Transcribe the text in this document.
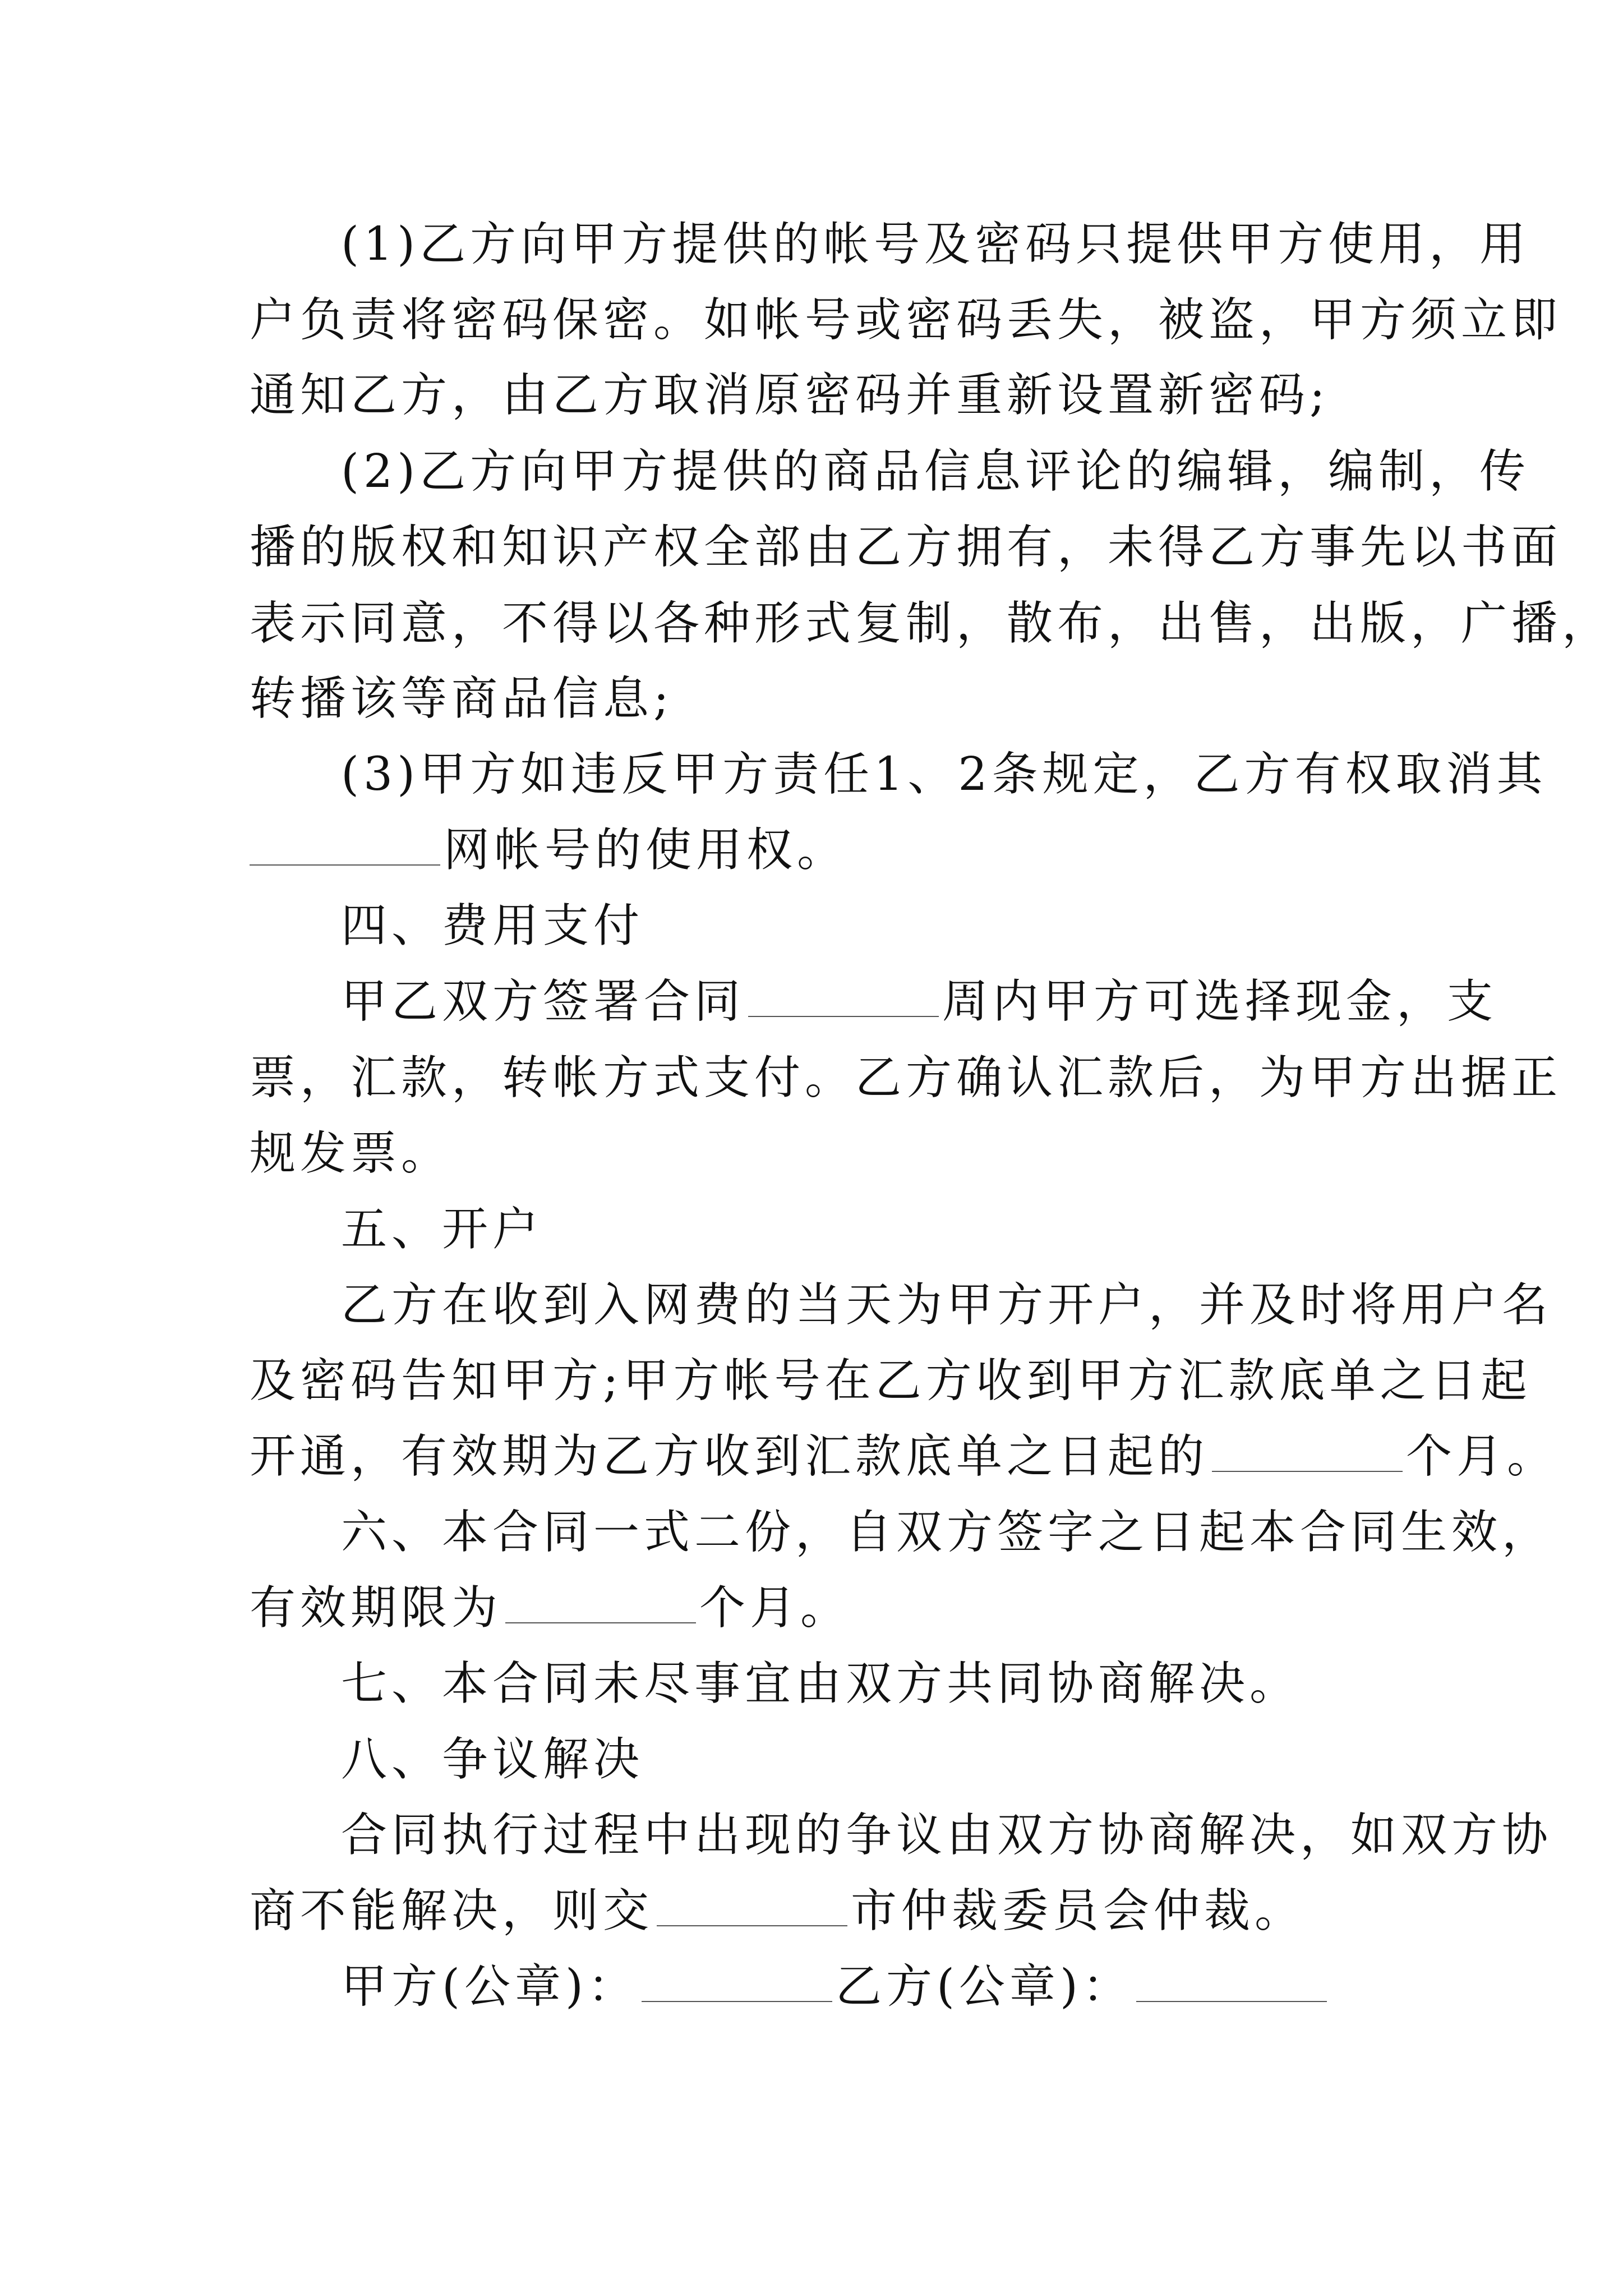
(1)乙方向甲方提供的帐号及密码只提供甲方使用，用
户负责将密码保密。如帐号或密码丢失，被盗，甲方须立即
通知乙方，由乙方取消原密码并重新设置新密码;
(2)乙方向甲方提供的商品信息评论的编辑，编制，传
播的版权和知识产权全部由乙方拥有，未得乙方事先以书面
表示同意，不得以各种形式复制，散布，出售，出版，广播，
转播该等商品信息;
(3)甲方如违反甲方责任1、2条规定，乙方有权取消其
网帐号的使用权。
四、费用支付
甲乙双方签署合同	周内甲方可选择现金，支
票，汇款，转帐方式支付。乙方确认汇款后，为甲方出据正
规发票。
五、开户
乙方在收到入网费的当天为甲方开户，并及时将用户名
及密码告知甲方;甲方帐号在乙方收到甲方汇款底单之日起
开通，有效期为乙方收到汇款底单之日起的	个月。
六、本合同一式二份，自双方签字之日起本合同生效，
有效期限为	个月。
七、本合同未尽事宜由双方共同协商解决。
八、争议解决
合同执行过程中出现的争议由双方协商解决，如双方协
商不能解决，则交	市仲裁委员会仲裁。
甲方(公章)：	乙方(公章)：
